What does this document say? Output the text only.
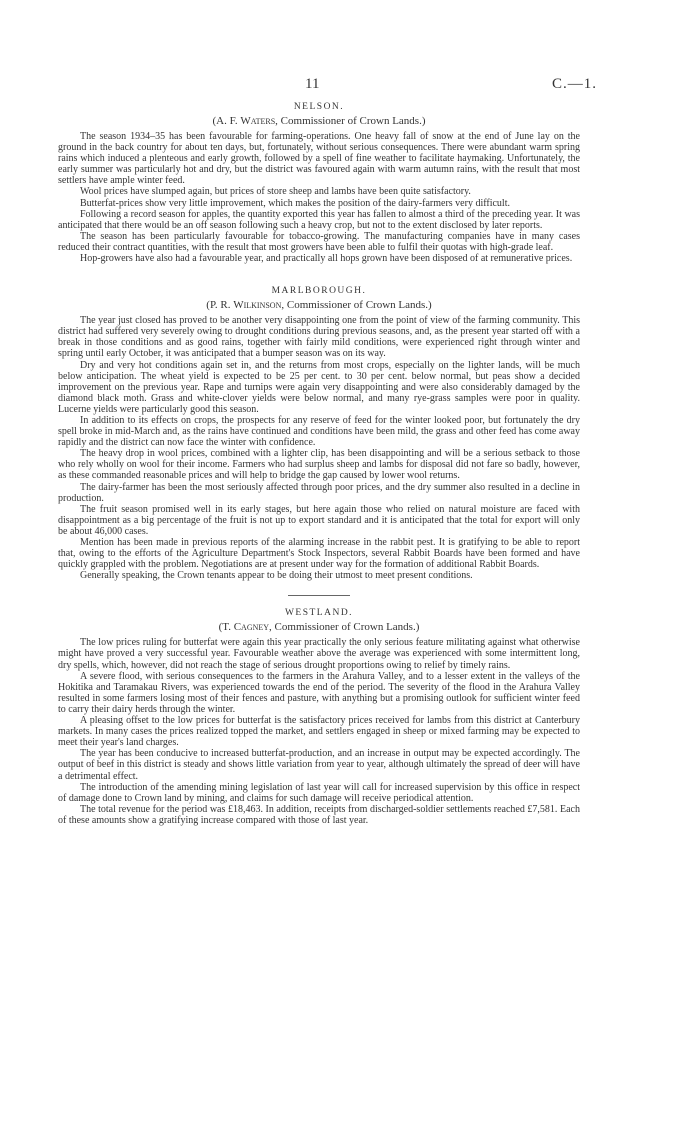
11	C.—1.
NELSON.
(A. F. Waters, Commissioner of Crown Lands.)

The season 1934–35 has been favourable for farming-operations. One heavy fall of snow at the end of June lay on the ground in the back country for about ten days, but, fortunately, without serious consequences. There were abundant warm spring rains which induced a plenteous and early growth, followed by a spell of fine weather to facilitate haymaking. Unfortunately, the early summer was particularly hot and dry, but the district was favoured again with warm autumn rains, with the result that most settlers have ample winter feed.

Wool prices have slumped again, but prices of store sheep and lambs have been quite satisfactory.

Butterfat-prices show very little improvement, which makes the position of the dairy-farmers very difficult.

Following a record season for apples, the quantity exported this year has fallen to almost a third of the preceding year. It was anticipated that there would be an off season following such a heavy crop, but not to the extent disclosed by later reports.

The season has been particularly favourable for tobacco-growing. The manufacturing companies have in many cases reduced their contract quantities, with the result that most growers have been able to fulfil their quotas with high-grade leaf.

Hop-growers have also had a favourable year, and practically all hops grown have been disposed of at remunerative prices.

MARLBOROUGH.
(P. R. Wilkinson, Commissioner of Crown Lands.)

The year just closed has proved to be another very disappointing one from the point of view of the farming community. This district had suffered very severely owing to drought conditions during previous seasons, and, as the present year started off with a break in those conditions and as good rains, together with fairly mild conditions, were experienced right through winter and spring until early October, it was anticipated that a bumper season was on its way.

Dry and very hot conditions again set in, and the returns from most crops, especially on the lighter lands, will be much below anticipation. The wheat yield is expected to be 25 per cent. to 30 per cent. below normal, but peas show a decided improvement on the previous year. Rape and turnips were again very disappointing and were also considerably damaged by the diamond black moth. Grass and white-clover yields were below normal, and many rye-grass samples were poor in quality. Lucerne yields were particularly good this season.

In addition to its effects on crops, the prospects for any reserve of feed for the winter looked poor, but fortunately the dry spell broke in mid-March and, as the rains have continued and conditions have been mild, the grass and other feed has come away rapidly and the district can now face the winter with confidence.

The heavy drop in wool prices, combined with a lighter clip, has been disappointing and will be a serious setback to those who rely wholly on wool for their income. Farmers who had surplus sheep and lambs for disposal did not fare so badly, however, as these commanded reasonable prices and will help to bridge the gap caused by lower wool returns.

The dairy-farmer has been the most seriously affected through poor prices, and the dry summer also resulted in a decline in production.

The fruit season promised well in its early stages, but here again those who relied on natural moisture are faced with disappointment as a big percentage of the fruit is not up to export standard and it is anticipated that the total for export will only be about 46,000 cases.

Mention has been made in previous reports of the alarming increase in the rabbit pest. It is gratifying to be able to report that, owing to the efforts of the Agriculture Department's Stock Inspectors, several Rabbit Boards have been formed and have quickly grappled with the problem. Negotiations are at present under way for the formation of additional Rabbit Boards.

Generally speaking, the Crown tenants appear to be doing their utmost to meet present conditions.

WESTLAND.
(T. Cagney, Commissioner of Crown Lands.)

The low prices ruling for butterfat were again this year practically the only serious feature militating against what otherwise might have proved a very successful year. Favourable weather above the average was experienced with some intermittent long, dry spells, which, however, did not reach the stage of serious drought proportions owing to relief by timely rains.

A severe flood, with serious consequences to the farmers in the Arahura Valley, and to a lesser extent in the valleys of the Hokitika and Taramakau Rivers, was experienced towards the end of the period. The severity of the flood in the Arahura Valley resulted in some farmers losing most of their fences and pasture, with anything but a promising outlook for sufficient winter feed to carry their dairy herds through the winter.

A pleasing offset to the low prices for butterfat is the satisfactory prices received for lambs from this district at Canterbury markets. In many cases the prices realized topped the market, and settlers engaged in sheep or mixed farming may be expected to meet their year's land charges.

The year has been conducive to increased butterfat-production, and an increase in output may be expected accordingly. The output of beef in this district is steady and shows little variation from year to year, although ultimately the spread of deer will have a detrimental effect.

The introduction of the amending mining legislation of last year will call for increased supervision by this office in respect of damage done to Crown land by mining, and claims for such damage will receive periodical attention.

The total revenue for the period was £18,463. In addition, receipts from discharged-soldier settlements reached £7,581. Each of these amounts show a gratifying increase compared with those of last year.
